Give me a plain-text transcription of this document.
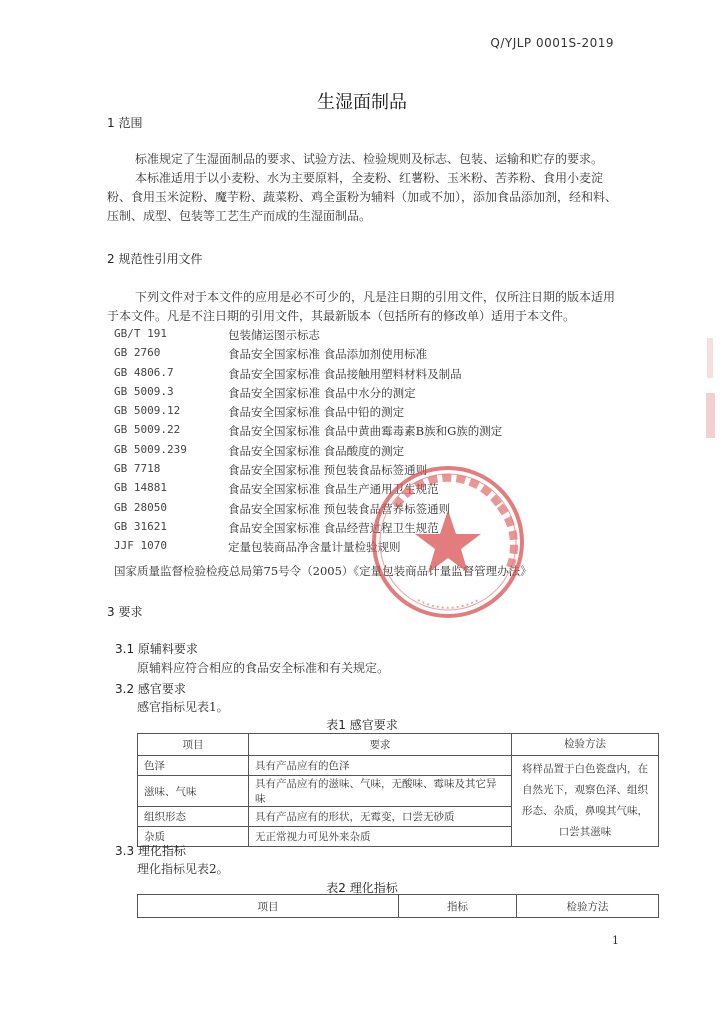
Q/YJLP 0001S-2019
生湿面制品
1 范围
标准规定了生湿面制品的要求、试验方法、检验规则及标志、包装、运输和贮存的要求。
本标准适用于以小麦粉、水为主要原料，全麦粉、红薯粉、玉米粉、苦荞粉、食用小麦淀粉、食用玉米淀粉、魔芋粉、蔬菜粉、鸡全蛋粉为辅料（加或不加），添加食品添加剂，经和料、压制、成型、包装等工艺生产而成的生湿面制品。
2 规范性引用文件
下列文件对于本文件的应用是必不可少的，凡是注日期的引用文件，仅所注日期的版本适用于本文件。凡是不注日期的引用文件，其最新版本（包括所有的修改单）适用于本文件。
GB/T 191	包装储运图示标志
GB 2760	食品安全国家标准 食品添加剂使用标准
GB 4806.7	食品安全国家标准 食品接触用塑料材料及制品
GB 5009.3	食品安全国家标准 食品中水分的测定
GB 5009.12	食品安全国家标准 食品中铅的测定
GB 5009.22	食品安全国家标准 食品中黄曲霉毒素B族和G族的测定
GB 5009.239	食品安全国家标准 食品酸度的测定
GB 7718	食品安全国家标准 预包装食品标签通则
GB 14881	食品安全国家标准 食品生产通用卫生规范
GB 28050	食品安全国家标准 预包装食品营养标签通则
GB 31621	食品安全国家标准 食品经营过程卫生规范
JJF 1070	定量包装商品净含量计量检验规则
国家质量监督检验检疫总局第75号令（2005）《定量包装商品计量监督管理办法》
3 要求
3.1 原辅料要求
原辅料应符合相应的食品安全标准和有关规定。
3.2 感官要求
感官指标见表1。
表1 感官要求
项目	要求	检验方法
色泽	具有产品应有的色泽	将样品置于白色瓷盘内，在自然光下，观察色泽、组织形态、杂质，鼻嗅其气味，口尝其滋味
滋味、气味	具有产品应有的滋味、气味，无酸味、霉味及其它异味	
组织形态	具有产品应有的形状，无霉变，口尝无砂质	
杂质	无正常视力可见外来杂质	
3.3 理化指标
理化指标见表2。
表2 理化指标
项目	指标	检验方法
1
